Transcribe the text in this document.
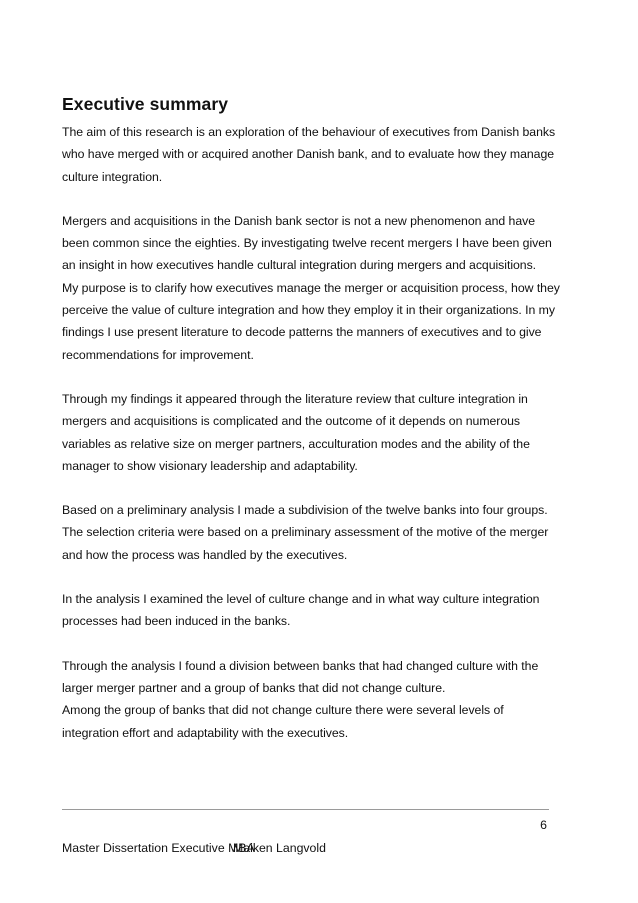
Executive summary

The aim of this research is an exploration of the behaviour of executives from Danish banks who have merged with or acquired another Danish bank, and to evaluate how they manage culture integration.

Mergers and acquisitions in the Danish bank sector is not a new phenomenon and have been common since the eighties. By investigating twelve recent mergers I have been given an insight in how executives handle cultural integration during mergers and acquisitions.

My purpose is to clarify how executives manage the merger or acquisition process, how they perceive the value of culture integration and how they employ it in their organizations. In my findings I use present literature to decode patterns the manners of executives and to give recommendations for improvement.

Through my findings it appeared through the literature review that culture integration in mergers and acquisitions is complicated and the outcome of it depends on numerous variables as relative size on merger partners, acculturation modes and the ability of the manager to show visionary leadership and adaptability.

Based on a preliminary analysis I made a subdivision of the twelve banks into four groups. The selection criteria were based on a preliminary assessment of the motive of the merger and how the process was handled by the executives.

In the analysis I examined the level of culture change and in what way culture integration processes had been induced in the banks.

Through the analysis I found a division between banks that had changed culture with the larger merger partner and a group of banks that did not change culture.

Among the group of banks that did not change culture there were several levels of integration effort and adaptability with the executives.

6
Master Dissertation Executive MBA
Maiken Langvold
